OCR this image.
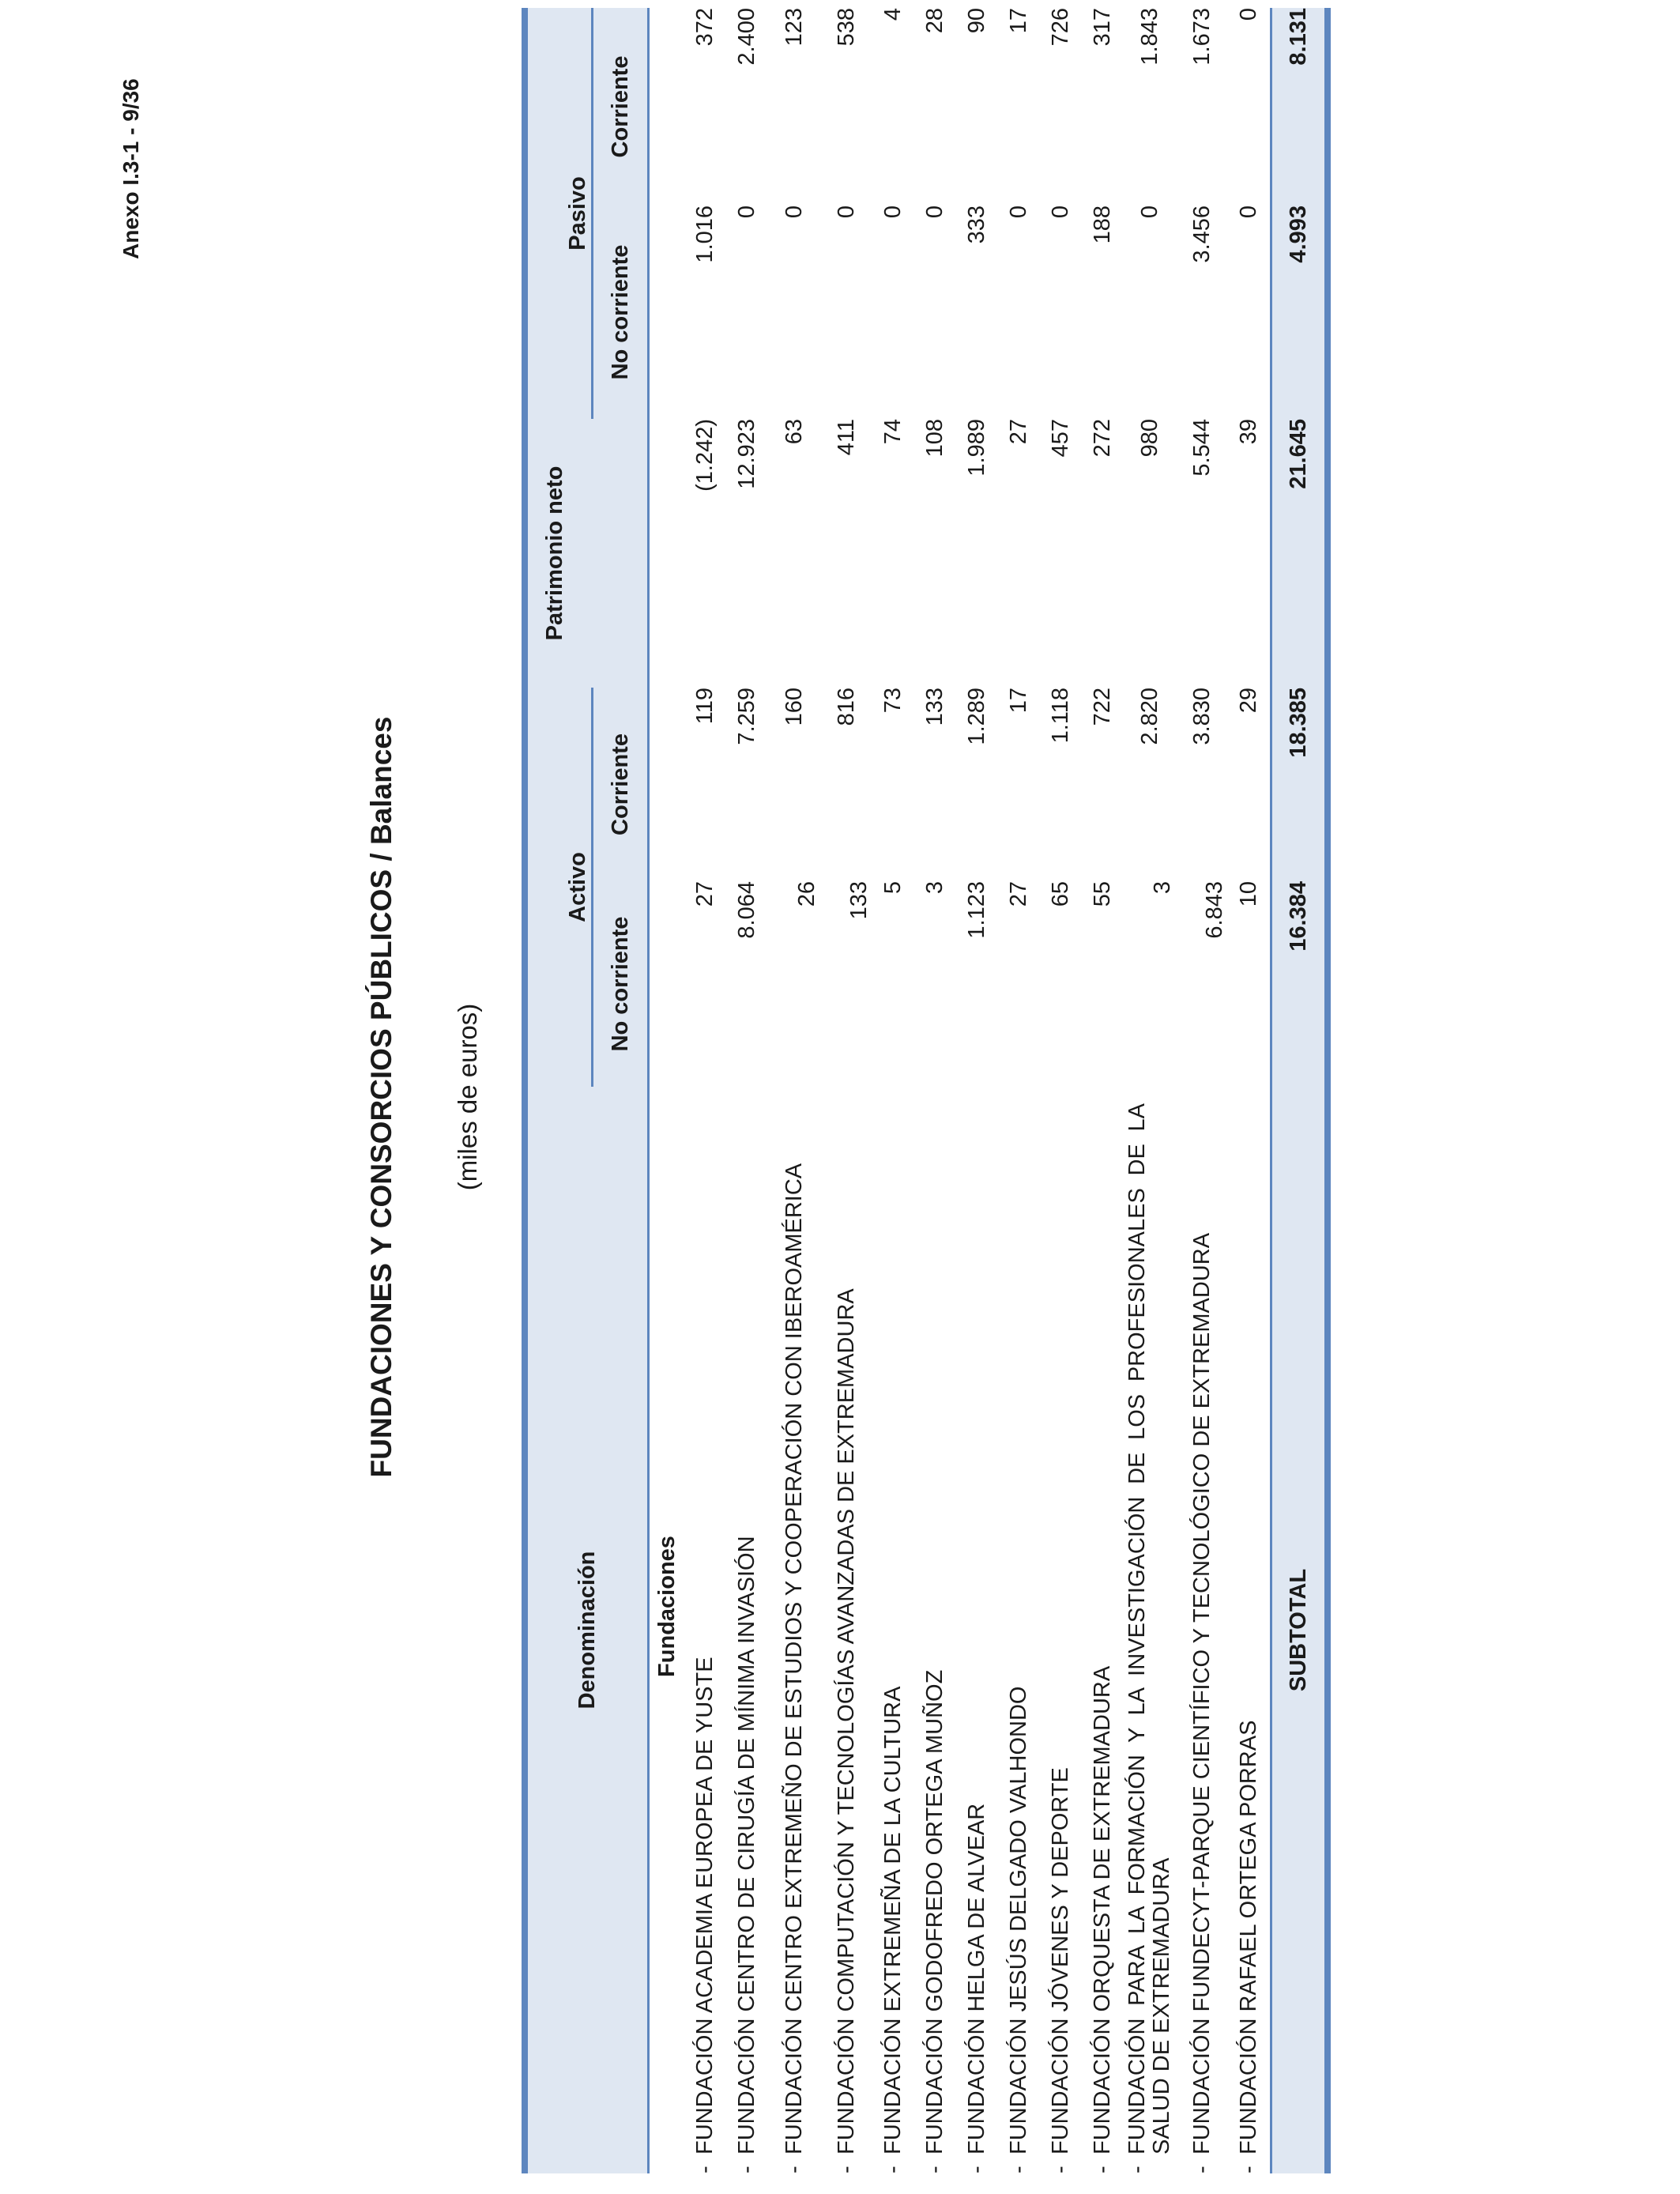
Anexo I.3-1 - 9/36
FUNDACIONES Y CONSORCIOS PÚBLICOS / Balances (miles de euros)
Denominación	Activo		Patrimonio neto	Pasivo	
	No corriente	Corriente		No corriente	Corriente
Fundaciones					
-FUNDACIÓN ACADEMIA EUROPEA DE YUSTE	27	119	(1.242)	1.016	372
-FUNDACIÓN CENTRO DE CIRUGÍA DE MÍNIMA INVASIÓN	8.064	7.259	12.923	0	2.400
-FUNDACIÓN CENTRO EXTREMEÑO DE ESTUDIOS Y COOPERACIÓN CON IBEROAMÉRICA	26	160	63	0	123
-FUNDACIÓN COMPUTACIÓN Y TECNOLOGÍAS AVANZADAS DE EXTREMADURA	133	816	411	0	538
-FUNDACIÓN EXTREMEÑA DE LA CULTURA	5	73	74	0	4
-FUNDACIÓN GODOFREDO ORTEGA MUÑOZ	3	133	108	0	28
-FUNDACIÓN HELGA DE ALVEAR	1.123	1.289	1.989	333	90
-FUNDACIÓN JESÚS DELGADO VALHONDO	27	17	27	0	17
-FUNDACIÓN JÓVENES Y DEPORTE	65	1.118	457	0	726
-FUNDACIÓN ORQUESTA DE EXTREMADURA	55	722	272	188	317
-FUNDACIÓN PARA LA FORMACIÓN Y LA INVESTIGACIÓN DE LOS PROFESIONALES DE LA SALUD DE EXTREMADURA	3	2.820	980	0	1.843
-FUNDACIÓN FUNDECYT-PARQUE CIENTÍFICO Y TECNOLÓGICO DE EXTREMADURA	6.843	3.830	5.544	3.456	1.673
-FUNDACIÓN RAFAEL ORTEGA PORRAS	10	29	39	0	0
SUBTOTAL	16.384	18.385	21.645	4.993	8.131
